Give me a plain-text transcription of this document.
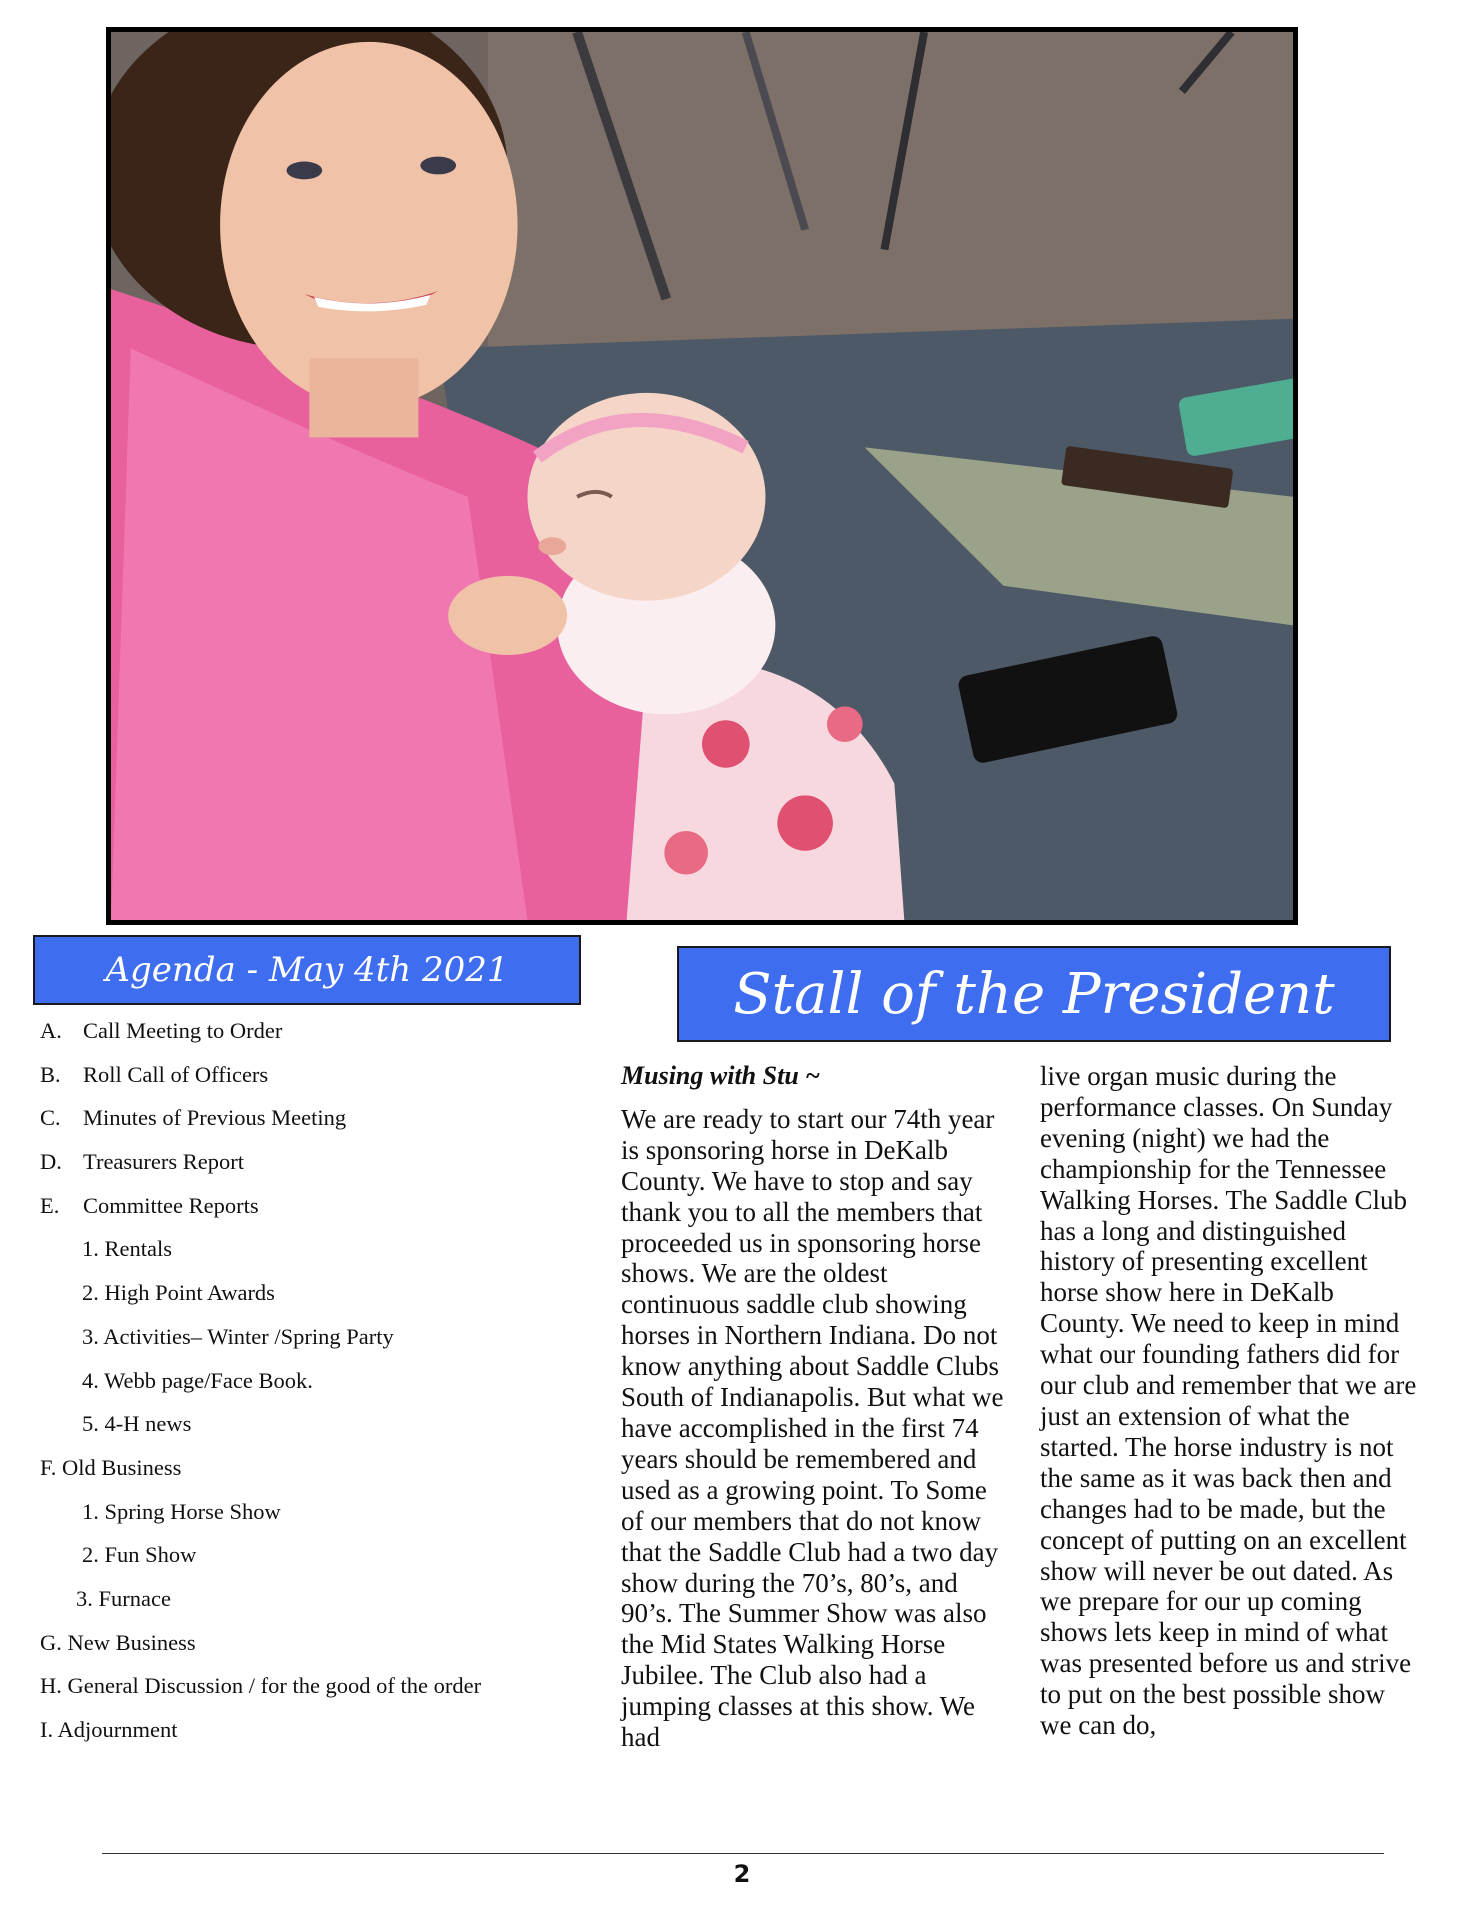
Agenda - May 4th 2021
A. Call Meeting to Order
B. Roll Call of Officers
C. Minutes of Previous Meeting
D. Treasurers Report
E. Committee Reports
1. Rentals
2. High Point Awards
3. Activities– Winter /Spring Party
4. Webb page/Face Book.
5. 4-H news
F. Old Business
1. Spring Horse Show
2. Fun Show
3. Furnace
G. New Business
H. General Discussion / for the good of the order
I. Adjournment
Stall of the President

Musing with Stu ~

We are ready to start our 74th year is sponsoring horse in DeKalb County. We have to stop and say thank you to all the members that proceeded us in sponsoring horse shows. We are the oldest continuous saddle club showing horses in Northern Indiana. Do not know anything about Saddle Clubs South of Indianapolis. But what we have accomplished in the first 74 years should be remembered and used as a growing point. To Some of our members that do not know that the Saddle Club had a two day show during the 70’s, 80’s, and 90’s. The Summer Show was also the Mid States Walking Horse Jubilee. The Club also had a jumping classes at this show. We had

live organ music during the performance classes. On Sunday evening (night) we had the championship for the Tennessee Walking Horses. The Saddle Club has a long and distinguished history of presenting excellent horse show here in DeKalb County. We need to keep in mind what our founding fathers did for our club and remember that we are just an extension of what the started. The horse industry is not the same as it was back then and changes had to be made, but the concept of putting on an excellent show will never be out dated. As we prepare for our up coming shows lets keep in mind of what was presented before us and strive to put on the best possible show we can do,

2
